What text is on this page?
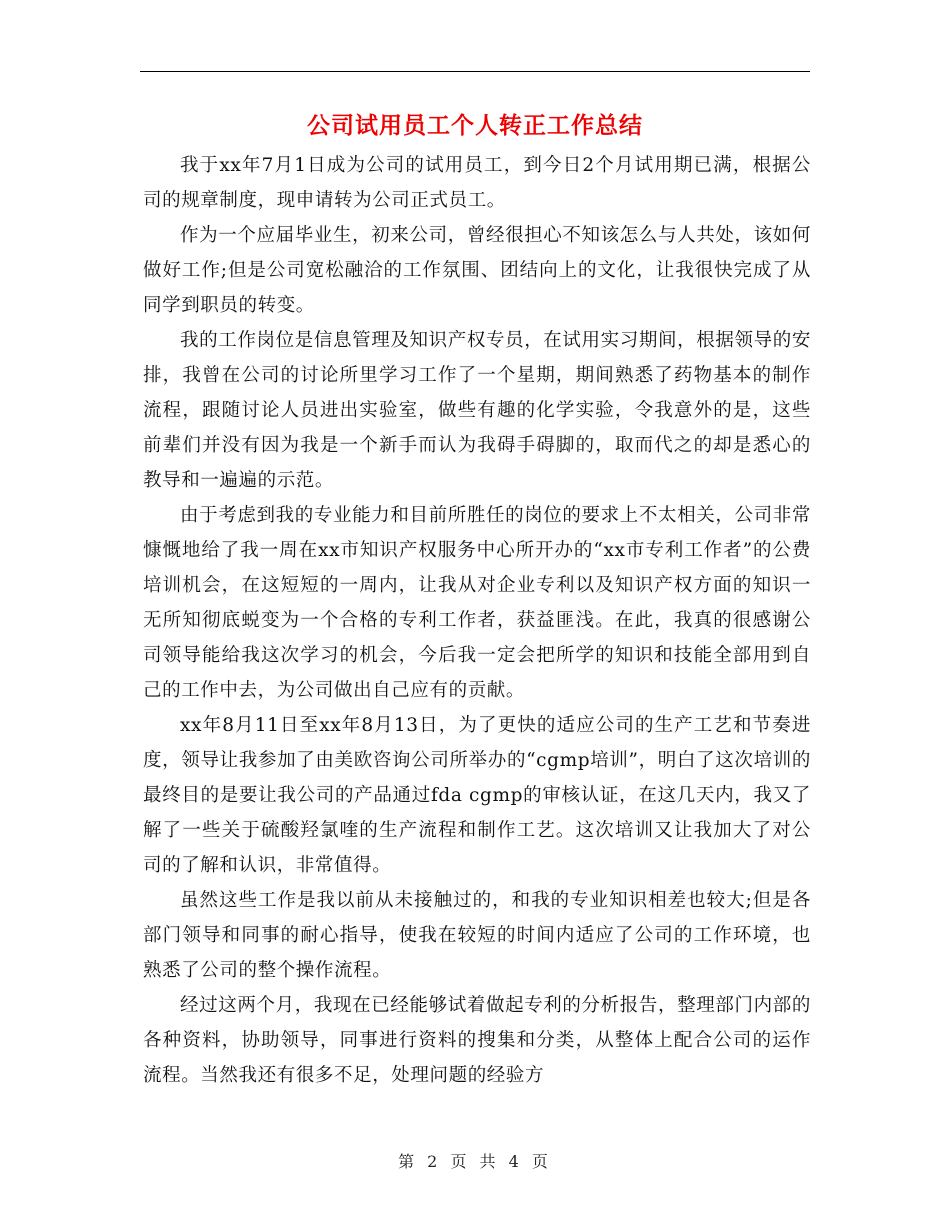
公司试用员工个人转正工作总结

我于xx年7月1日成为公司的试用员工，到今日2个月试用期已满，根据公司的规章制度，现申请转为公司正式员工。

作为一个应届毕业生，初来公司，曾经很担心不知该怎么与人共处，该如何做好工作;但是公司宽松融洽的工作氛围、团结向上的文化，让我很快完成了从同学到职员的转变。

我的工作岗位是信息管理及知识产权专员，在试用实习期间，根据领导的安排，我曾在公司的讨论所里学习工作了一个星期，期间熟悉了药物基本的制作流程，跟随讨论人员进出实验室，做些有趣的化学实验，令我意外的是，这些前辈们并没有因为我是一个新手而认为我碍手碍脚的，取而代之的却是悉心的教导和一遍遍的示范。

由于考虑到我的专业能力和目前所胜任的岗位的要求上不太相关，公司非常慷慨地给了我一周在xx市知识产权服务中心所开办的“xx市专利工作者”的公费培训机会，在这短短的一周内，让我从对企业专利以及知识产权方面的知识一无所知彻底蜕变为一个合格的专利工作者，获益匪浅。在此，我真的很感谢公司领导能给我这次学习的机会，今后我一定会把所学的知识和技能全部用到自己的工作中去，为公司做出自己应有的贡献。

xx年8月11日至xx年8月13日，为了更快的适应公司的生产工艺和节奏进度，领导让我参加了由美欧咨询公司所举办的“cgmp培训”，明白了这次培训的最终目的是要让我公司的产品通过fda cgmp的审核认证，在这几天内，我又了解了一些关于硫酸羟氯喹的生产流程和制作工艺。这次培训又让我加大了对公司的了解和认识，非常值得。

虽然这些工作是我以前从未接触过的，和我的专业知识相差也较大;但是各部门领导和同事的耐心指导，使我在较短的时间内适应了公司的工作环境，也熟悉了公司的整个操作流程。

经过这两个月，我现在已经能够试着做起专利的分析报告，整理部门内部的各种资料，协助领导，同事进行资料的搜集和分类，从整体上配合公司的运作流程。当然我还有很多不足，处理问题的经验方

第 2 页 共 4 页
